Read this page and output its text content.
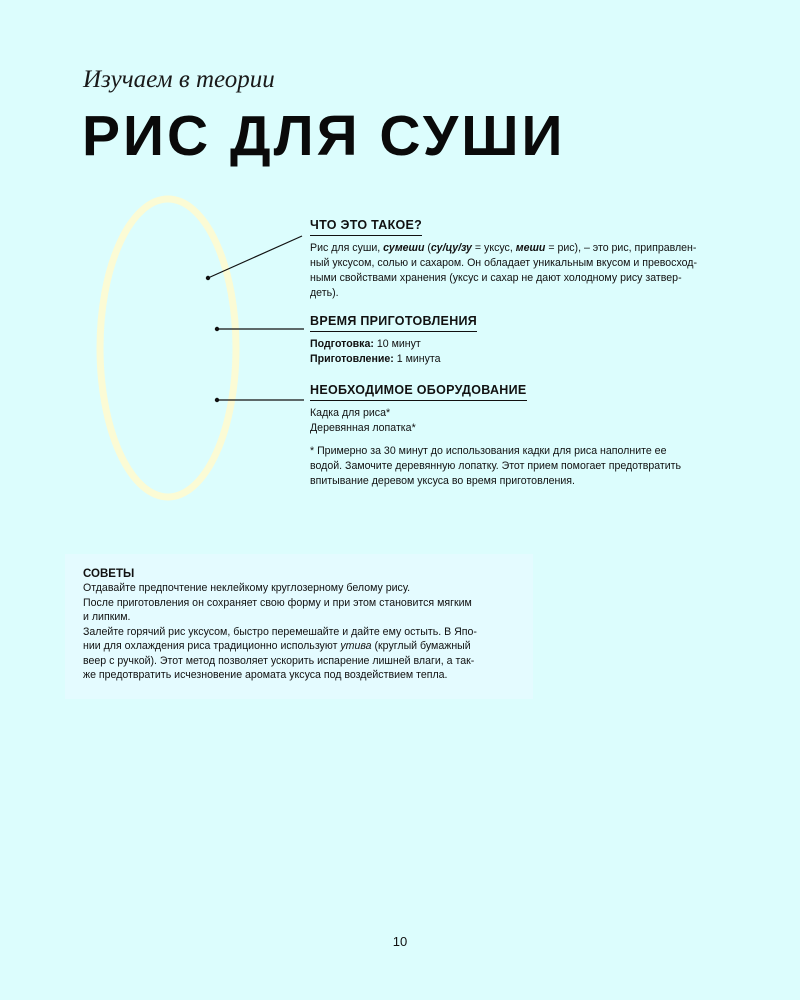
Изучаем в теории
РИС ДЛЯ СУШИ
ЧТО ЭТО ТАКОЕ?

Рис для суши, сумеши (су/цу/зу = уксус, меши = рис), – это рис, приправлен-

ный уксусом, солью и сахаром. Он обладает уникальным вкусом и превосход-

ными свойствами хранения (уксус и сахар не дают холодному рису затвер-

деть).

ВРЕМЯ ПРИГОТОВЛЕНИЯ

Подготовка: 10 минут

Приготовление: 1 минута

НЕОБХОДИМОЕ ОБОРУДОВАНИЕ

Кадка для риса*

Деревянная лопатка*

* Примерно за 30 минут до использования кадки для риса наполните ее
водой. Замочите деревянную лопатку. Этот прием помогает предотвратить
впитывание деревом уксуса во время приготовления.
СОВЕТЫ

Отдавайте предпочтение неклейкому круглозерному белому рису.

После приготовления он сохраняет свою форму и при этом становится мягким

и липким.

Залейте горячий рис уксусом, быстро перемешайте и дайте ему остыть. В Япо-

нии для охлаждения риса традиционно используют утива (круглый бумажный

веер с ручкой). Этот метод позволяет ускорить испарение лишней влаги, а так-

же предотвратить исчезновение аромата уксуса под воздействием тепла.

10
